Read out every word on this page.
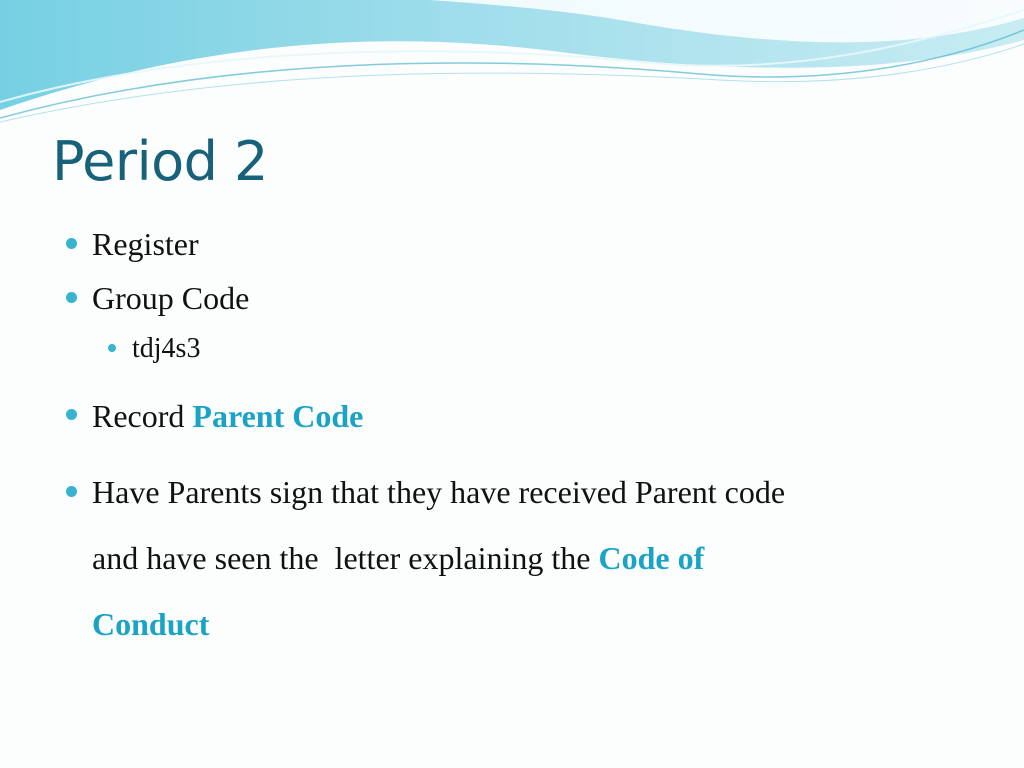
Period 2
Register
Group Code
tdj4s3
Record Parent Code
Have Parents sign that they have received Parent code
and have seen the  letter explaining the Code of
Conduct
